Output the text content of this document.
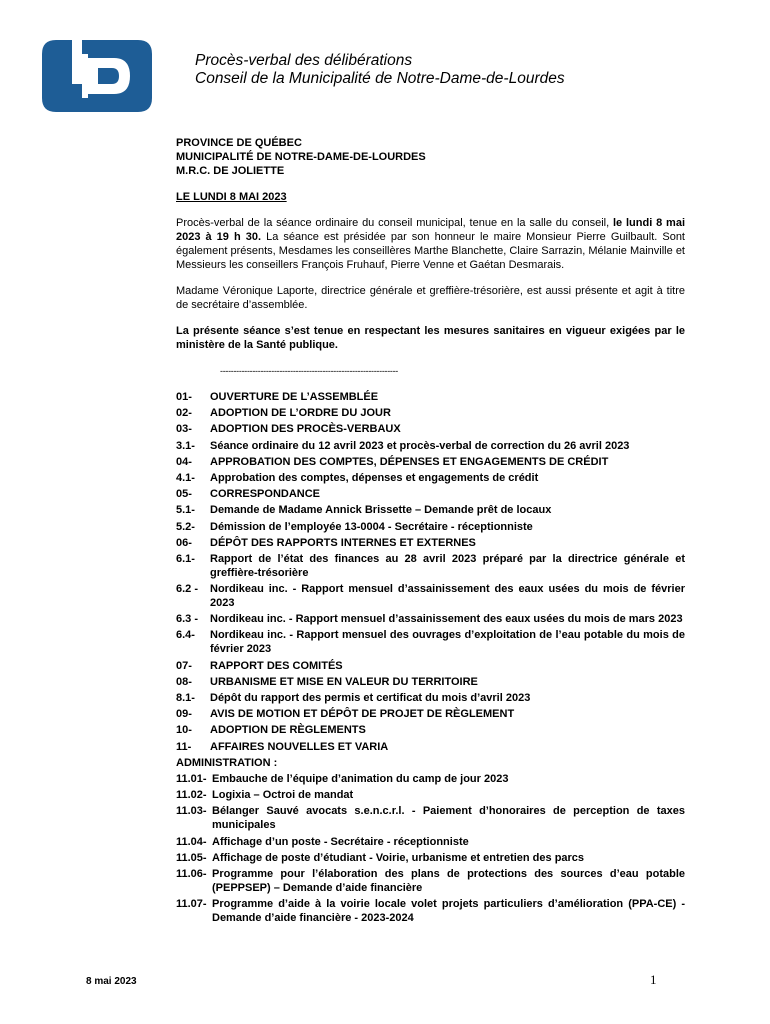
Procès-verbal des délibérations
Conseil de la Municipalité de Notre-Dame-de-Lourdes
PROVINCE DE QUÉBEC
MUNICIPALITÉ DE NOTRE-DAME-DE-LOURDES
M.R.C. DE JOLIETTE
LE LUNDI 8 MAI 2023
Procès-verbal de la séance ordinaire du conseil municipal, tenue en la salle du conseil, le lundi 8 mai 2023 à 19 h 30. La séance est présidée par son honneur le maire Monsieur Pierre Guilbault. Sont également présents, Mesdames les conseillères Marthe Blanchette, Claire Sarrazin, Mélanie Mainville et Messieurs les conseillers François Fruhauf, Pierre Venne et Gaétan Desmarais.
Madame Véronique Laporte, directrice générale et greffière-trésorière, est aussi présente et agit à titre de secrétaire d’assemblée.
La présente séance s’est tenue en respectant les mesures sanitaires en vigueur exigées par le ministère de la Santé publique.
------------------------------------------------------------------
01-	OUVERTURE DE L’ASSEMBLÉE
02-	ADOPTION DE L’ORDRE DU JOUR
03-	ADOPTION DES PROCÈS-VERBAUX
3.1-	Séance ordinaire du 12 avril 2023 et procès-verbal de correction du 26 avril 2023
04-	APPROBATION DES COMPTES, DÉPENSES ET ENGAGEMENTS DE CRÉDIT
4.1-	Approbation des comptes, dépenses et engagements de crédit
05-	CORRESPONDANCE
5.1-	Demande de Madame Annick Brissette – Demande prêt de locaux
5.2-	Démission de l’employée 13-0004 - Secrétaire - réceptionniste
06-	DÉPÔT DES RAPPORTS INTERNES ET EXTERNES
6.1-	Rapport de l’état des finances au 28 avril 2023 préparé par la directrice générale et greffière-trésorière
6.2 -	Nordikeau inc. - Rapport mensuel d’assainissement des eaux usées du mois de février 2023
6.3 -	Nordikeau inc. - Rapport mensuel d’assainissement des eaux usées du mois de mars 2023
6.4-	Nordikeau inc. - Rapport mensuel des ouvrages d’exploitation de l’eau potable du mois de février 2023
07-	RAPPORT DES COMITÉS
08-	URBANISME ET MISE EN VALEUR DU TERRITOIRE
8.1-	Dépôt du rapport des permis et certificat du mois d’avril 2023
09-	AVIS DE MOTION ET DÉPÔT DE PROJET DE RÈGLEMENT
10-	ADOPTION DE RÈGLEMENTS
11-	AFFAIRES NOUVELLES ET VARIA
ADMINISTRATION :
11.01- Embauche de l’équipe d’animation du camp de jour 2023
11.02- Logixia – Octroi de mandat
11.03- Bélanger Sauvé avocats s.e.n.c.r.l. - Paiement d’honoraires de perception de taxes municipales
11.04- Affichage d’un poste - Secrétaire - réceptionniste
11.05- Affichage de poste d’étudiant - Voirie, urbanisme et entretien des parcs
11.06- Programme pour l’élaboration des plans de protections des sources d’eau potable (PEPPSEP) – Demande d’aide financière
11.07- Programme d’aide à la voirie locale volet projets particuliers d’amélioration (PPA-CE) - Demande d’aide financière - 2023-2024
8 mai 2023	1
